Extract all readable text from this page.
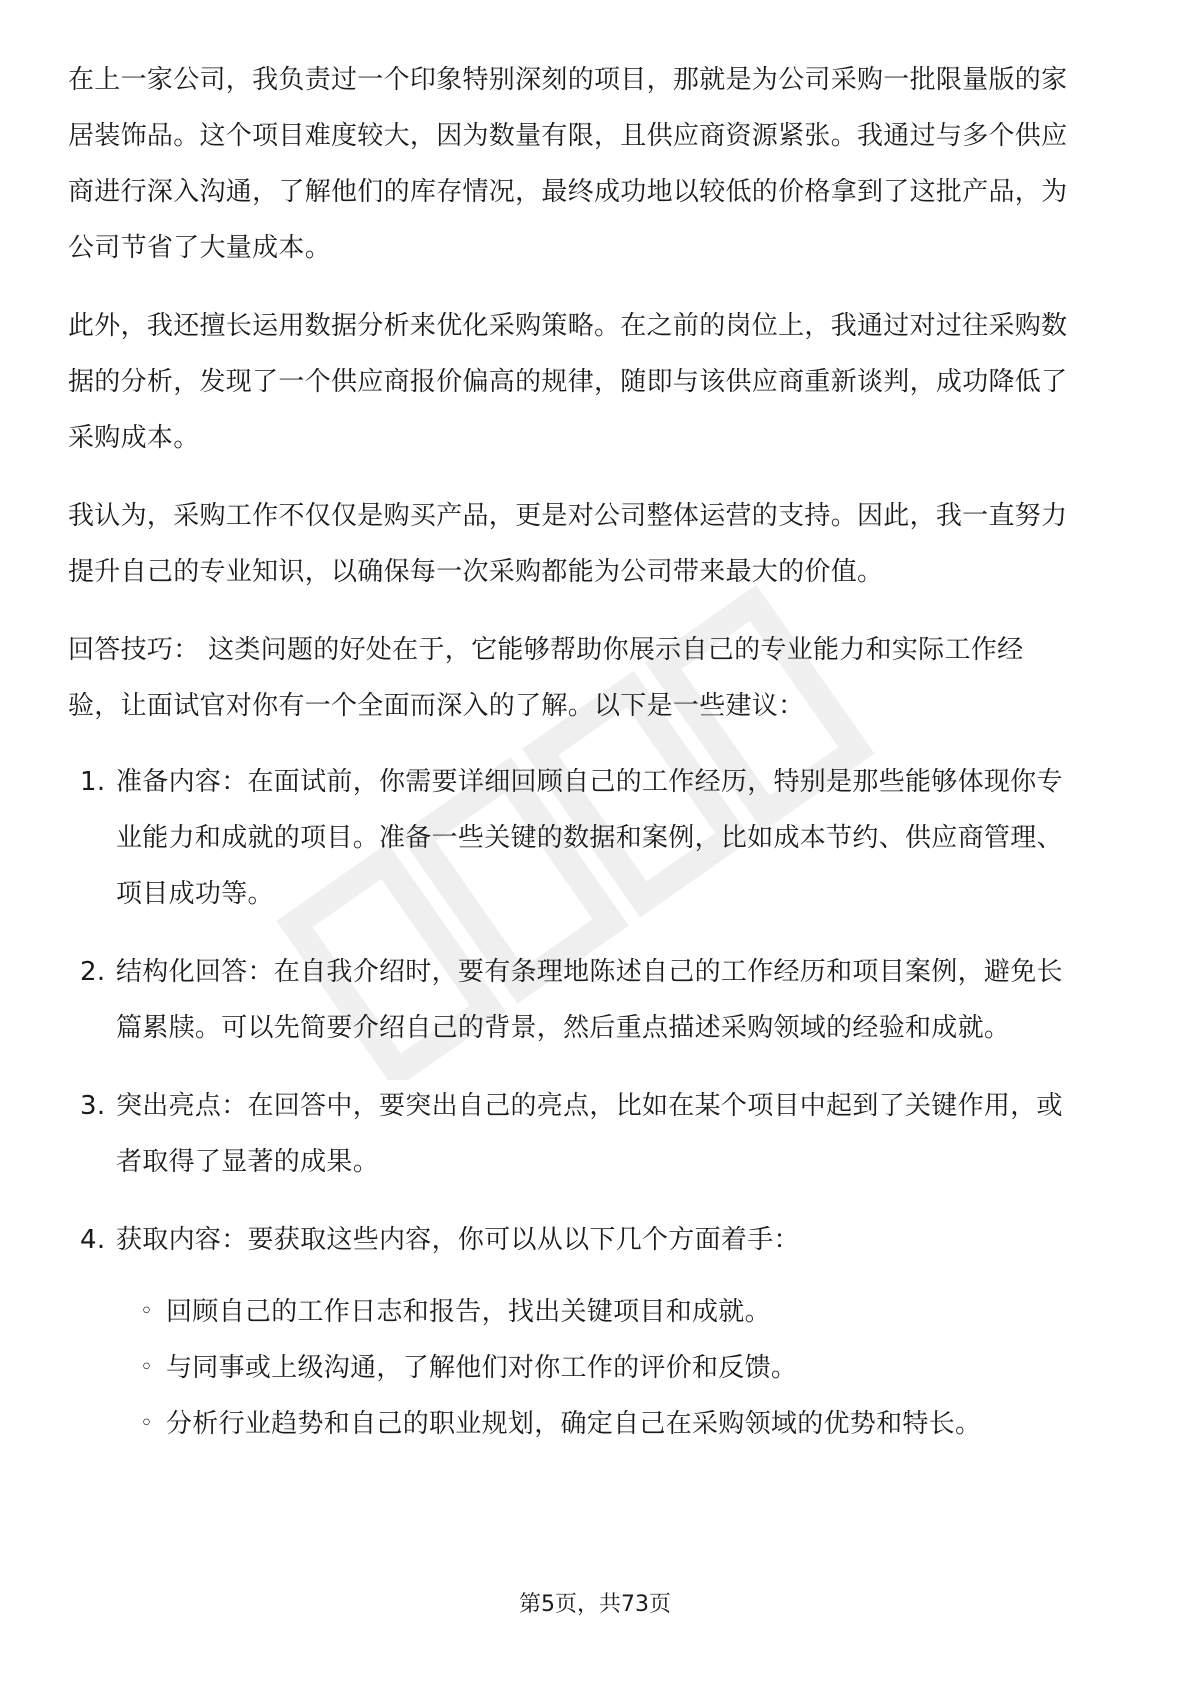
在上一家公司，我负责过一个印象特别深刻的项目，那就是为公司采购一批限量版的家居装饰品。这个项目难度较大，因为数量有限，且供应商资源紧张。我通过与多个供应商进行深入沟通，了解他们的库存情况，最终成功地以较低的价格拿到了这批产品，为公司节省了大量成本。

此外，我还擅长运用数据分析来优化采购策略。在之前的岗位上，我通过对过往采购数据的分析，发现了一个供应商报价偏高的规律，随即与该供应商重新谈判，成功降低了采购成本。

我认为，采购工作不仅仅是购买产品，更是对公司整体运营的支持。因此，我一直努力提升自己的专业知识，以确保每一次采购都能为公司带来最大的价值。

回答技巧： 这类问题的好处在于，它能够帮助你展示自己的专业能力和实际工作经验，让面试官对你有一个全面而深入的了解。以下是一些建议：

1. 准备内容：在面试前，你需要详细回顾自己的工作经历，特别是那些能够体现你专业能力和成就的项目。准备一些关键的数据和案例，比如成本节约、供应商管理、项目成功等。
2. 结构化回答：在自我介绍时，要有条理地陈述自己的工作经历和项目案例，避免长篇累牍。可以先简要介绍自己的背景，然后重点描述采购领域的经验和成就。
3. 突出亮点：在回答中，要突出自己的亮点，比如在某个项目中起到了关键作用，或者取得了显著的成果。
4. 获取内容：要获取这些内容，你可以从以下几个方面着手：
◦ 回顾自己的工作日志和报告，找出关键项目和成就。
◦ 与同事或上级沟通，了解他们对你工作的评价和反馈。
◦ 分析行业趋势和自己的职业规划，确定自己在采购领域的优势和特长。
第5页，共73页
